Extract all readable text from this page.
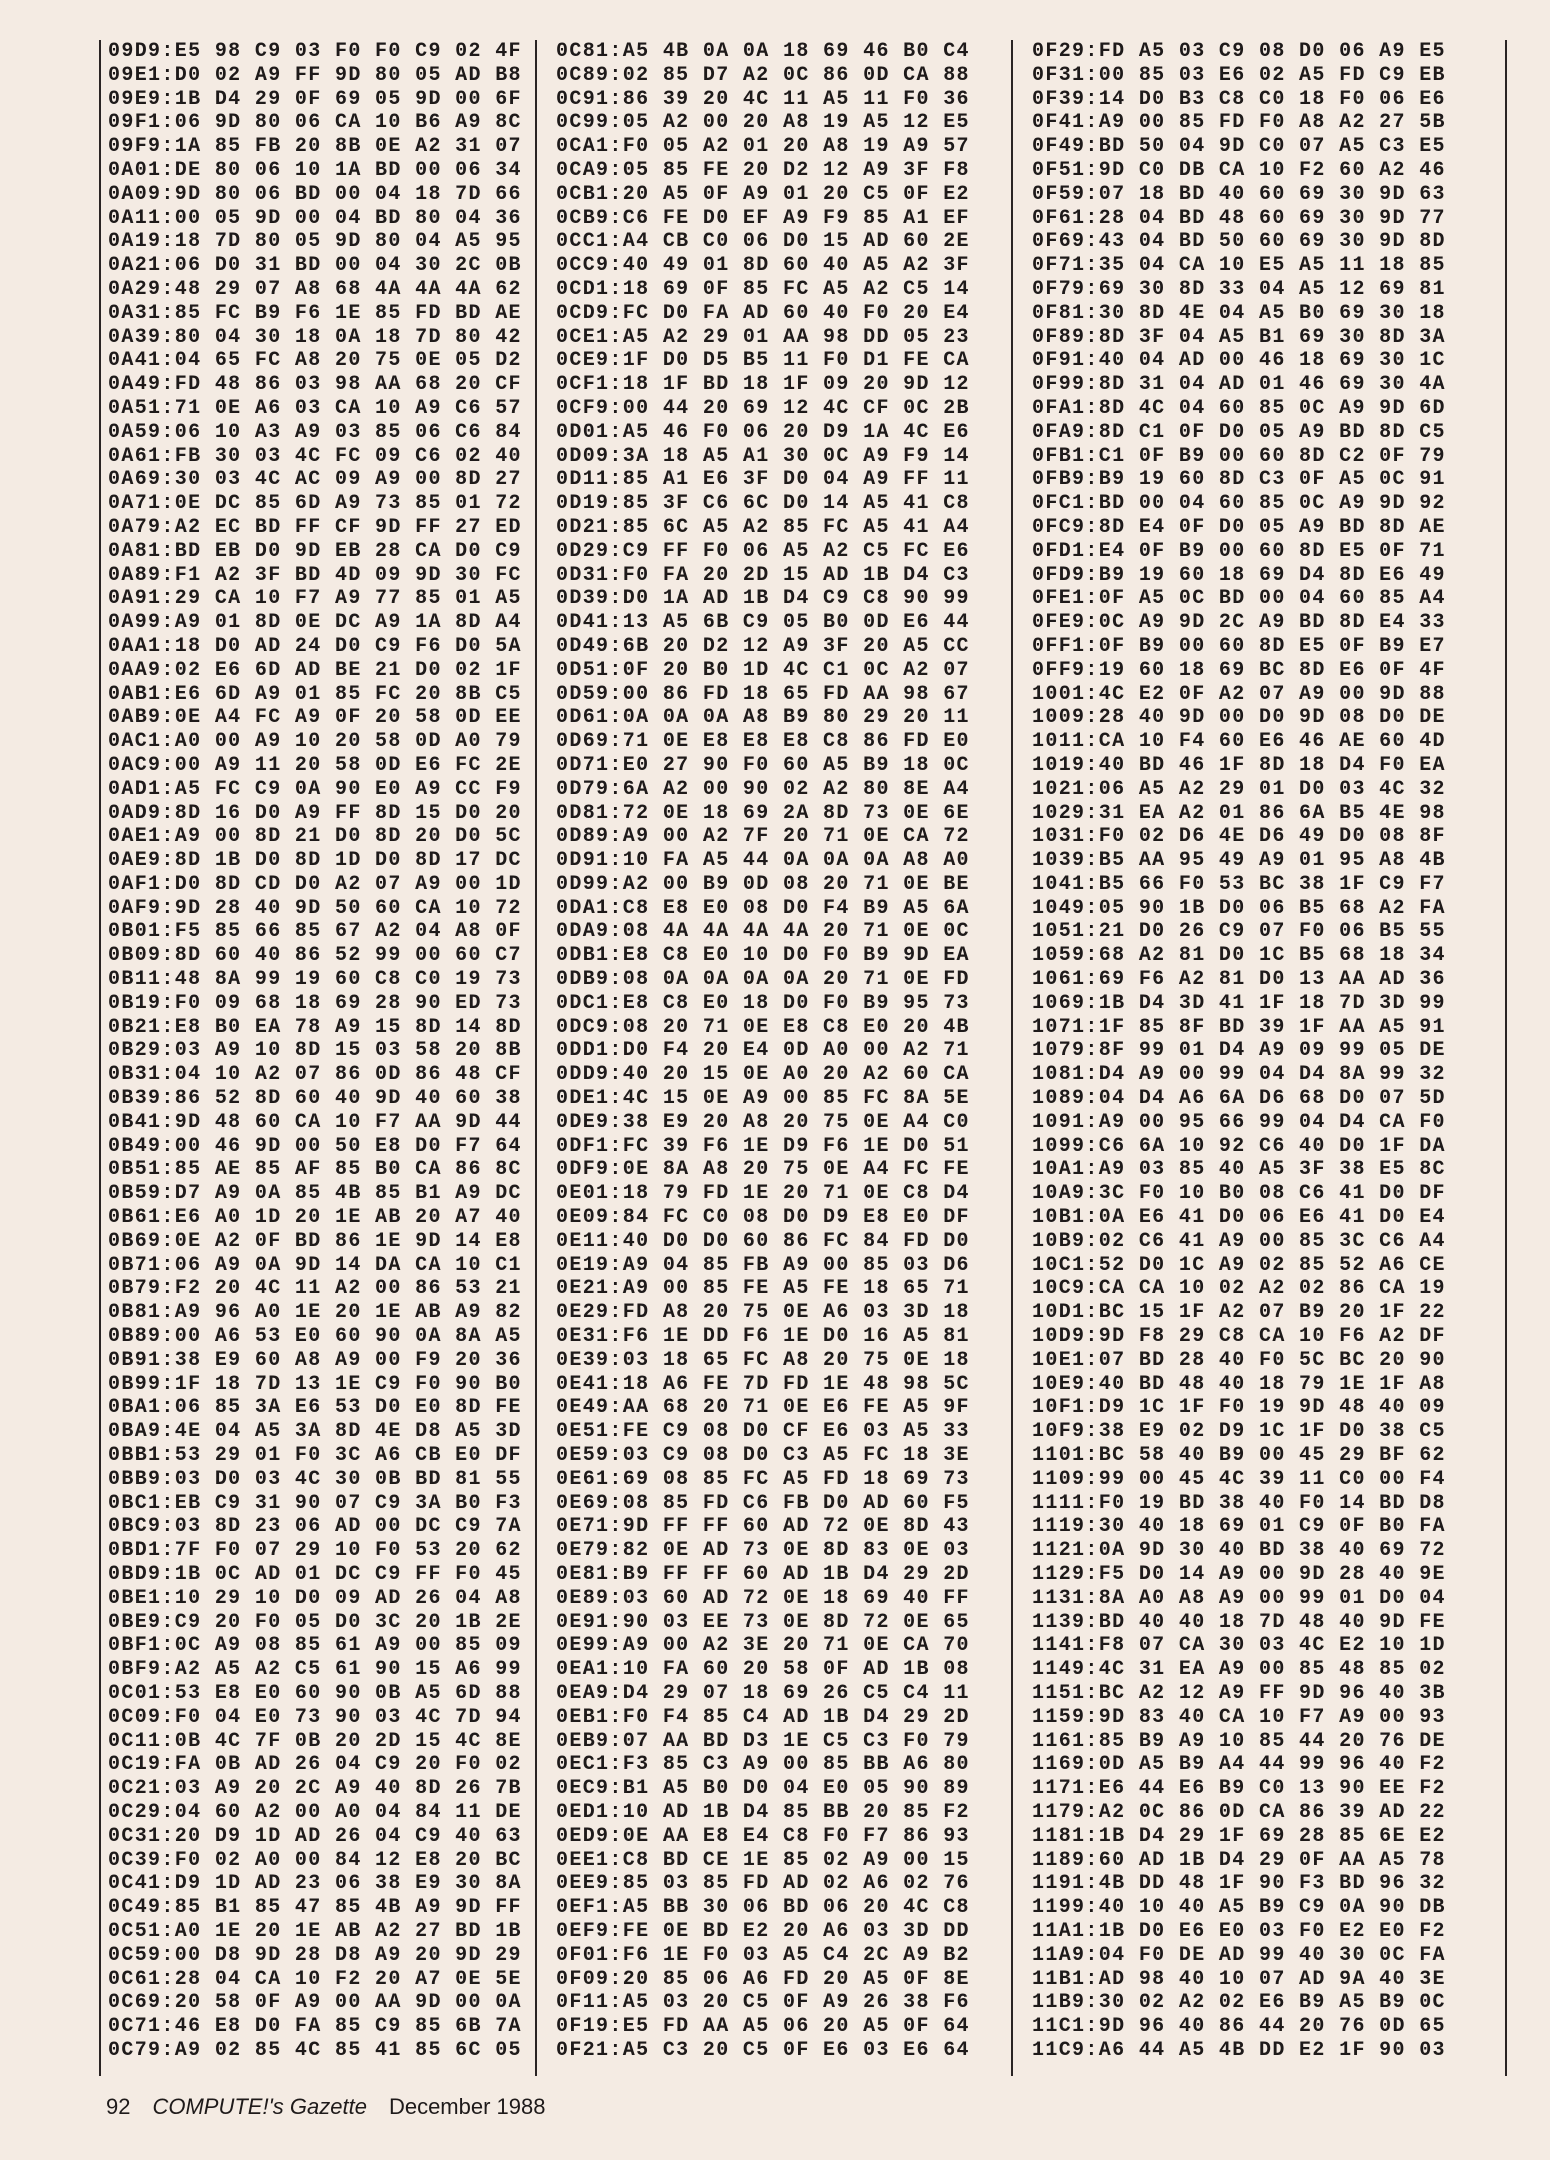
09D9:E5 98 C9 03 F0 F0 C9 02 4F
09E1:D0 02 A9 FF 9D 80 05 AD B8
09E9:1B D4 29 0F 69 05 9D 00 6F
09F1:06 9D 80 06 CA 10 B6 A9 8C
09F9:1A 85 FB 20 8B 0E A2 31 07
0A01:DE 80 06 10 1A BD 00 06 34
0A09:9D 80 06 BD 00 04 18 7D 66
0A11:00 05 9D 00 04 BD 80 04 36
0A19:18 7D 80 05 9D 80 04 A5 95
0A21:06 D0 31 BD 00 04 30 2C 0B
0A29:48 29 07 A8 68 4A 4A 4A 62
0A31:85 FC B9 F6 1E 85 FD BD AE
0A39:80 04 30 18 0A 18 7D 80 42
0A41:04 65 FC A8 20 75 0E 05 D2
0A49:FD 48 86 03 98 AA 68 20 CF
0A51:71 0E A6 03 CA 10 A9 C6 57
0A59:06 10 A3 A9 03 85 06 C6 84
0A61:FB 30 03 4C FC 09 C6 02 40
0A69:30 03 4C AC 09 A9 00 8D 27
0A71:0E DC 85 6D A9 73 85 01 72
0A79:A2 EC BD FF CF 9D FF 27 ED
0A81:BD EB D0 9D EB 28 CA D0 C9
0A89:F1 A2 3F BD 4D 09 9D 30 FC
0A91:29 CA 10 F7 A9 77 85 01 A5
0A99:A9 01 8D 0E DC A9 1A 8D A4
0AA1:18 D0 AD 24 D0 C9 F6 D0 5A
0AA9:02 E6 6D AD BE 21 D0 02 1F
0AB1:E6 6D A9 01 85 FC 20 8B C5
0AB9:0E A4 FC A9 0F 20 58 0D EE
0AC1:A0 00 A9 10 20 58 0D A0 79
0AC9:00 A9 11 20 58 0D E6 FC 2E
0AD1:A5 FC C9 0A 90 E0 A9 CC F9
0AD9:8D 16 D0 A9 FF 8D 15 D0 20
0AE1:A9 00 8D 21 D0 8D 20 D0 5C
0AE9:8D 1B D0 8D 1D D0 8D 17 DC
0AF1:D0 8D CD D0 A2 07 A9 00 1D
0AF9:9D 28 40 9D 50 60 CA 10 72
0B01:F5 85 66 85 67 A2 04 A8 0F
0B09:8D 60 40 86 52 99 00 60 C7
0B11:48 8A 99 19 60 C8 C0 19 73
0B19:F0 09 68 18 69 28 90 ED 73
0B21:E8 B0 EA 78 A9 15 8D 14 8D
0B29:03 A9 10 8D 15 03 58 20 8B
0B31:04 10 A2 07 86 0D 86 48 CF
0B39:86 52 8D 60 40 9D 40 60 38
0B41:9D 48 60 CA 10 F7 AA 9D 44
0B49:00 46 9D 00 50 E8 D0 F7 64
0B51:85 AE 85 AF 85 B0 CA 86 8C
0B59:D7 A9 0A 85 4B 85 B1 A9 DC
0B61:E6 A0 1D 20 1E AB 20 A7 40
0B69:0E A2 0F BD 86 1E 9D 14 E8
0B71:06 A9 0A 9D 14 DA CA 10 C1
0B79:F2 20 4C 11 A2 00 86 53 21
0B81:A9 96 A0 1E 20 1E AB A9 82
0B89:00 A6 53 E0 60 90 0A 8A A5
0B91:38 E9 60 A8 A9 00 F9 20 36
0B99:1F 18 7D 13 1E C9 F0 90 B0
0BA1:06 85 3A E6 53 D0 E0 8D FE
0BA9:4E 04 A5 3A 8D 4E D8 A5 3D
0BB1:53 29 01 F0 3C A6 CB E0 DF
0BB9:03 D0 03 4C 30 0B BD 81 55
0BC1:EB C9 31 90 07 C9 3A B0 F3
0BC9:03 8D 23 06 AD 00 DC C9 7A
0BD1:7F F0 07 29 10 F0 53 20 62
0BD9:1B 0C AD 01 DC C9 FF F0 45
0BE1:10 29 10 D0 09 AD 26 04 A8
0BE9:C9 20 F0 05 D0 3C 20 1B 2E
0BF1:0C A9 08 85 61 A9 00 85 09
0BF9:A2 A5 A2 C5 61 90 15 A6 99
0C01:53 E8 E0 60 90 0B A5 6D 88
0C09:F0 04 E0 73 90 03 4C 7D 94
0C11:0B 4C 7F 0B 20 2D 15 4C 8E
0C19:FA 0B AD 26 04 C9 20 F0 02
0C21:03 A9 20 2C A9 40 8D 26 7B
0C29:04 60 A2 00 A0 04 84 11 DE
0C31:20 D9 1D AD 26 04 C9 40 63
0C39:F0 02 A0 00 84 12 E8 20 BC
0C41:D9 1D AD 23 06 38 E9 30 8A
0C49:85 B1 85 47 85 4B A9 9D FF
0C51:A0 1E 20 1E AB A2 27 BD 1B
0C59:00 D8 9D 28 D8 A9 20 9D 29
0C61:28 04 CA 10 F2 20 A7 0E 5E
0C69:20 58 0F A9 00 AA 9D 00 0A
0C71:46 E8 D0 FA 85 C9 85 6B 7A
0C79:A9 02 85 4C 85 41 85 6C 05
0C81:A5 4B 0A 0A 18 69 46 B0 C4
0C89:02 85 D7 A2 0C 86 0D CA 88
0C91:86 39 20 4C 11 A5 11 F0 36
0C99:05 A2 00 20 A8 19 A5 12 E5
0CA1:F0 05 A2 01 20 A8 19 A9 57
0CA9:05 85 FE 20 D2 12 A9 3F F8
0CB1:20 A5 0F A9 01 20 C5 0F E2
0CB9:C6 FE D0 EF A9 F9 85 A1 EF
0CC1:A4 CB C0 06 D0 15 AD 60 2E
0CC9:40 49 01 8D 60 40 A5 A2 3F
0CD1:18 69 0F 85 FC A5 A2 C5 14
0CD9:FC D0 FA AD 60 40 F0 20 E4
0CE1:A5 A2 29 01 AA 98 DD 05 23
0CE9:1F D0 D5 B5 11 F0 D1 FE CA
0CF1:18 1F BD 18 1F 09 20 9D 12
0CF9:00 44 20 69 12 4C CF 0C 2B
0D01:A5 46 F0 06 20 D9 1A 4C E6
0D09:3A 18 A5 A1 30 0C A9 F9 14
0D11:85 A1 E6 3F D0 04 A9 FF 11
0D19:85 3F C6 6C D0 14 A5 41 C8
0D21:85 6C A5 A2 85 FC A5 41 A4
0D29:C9 FF F0 06 A5 A2 C5 FC E6
0D31:F0 FA 20 2D 15 AD 1B D4 C3
0D39:D0 1A AD 1B D4 C9 C8 90 99
0D41:13 A5 6B C9 05 B0 0D E6 44
0D49:6B 20 D2 12 A9 3F 20 A5 CC
0D51:0F 20 B0 1D 4C C1 0C A2 07
0D59:00 86 FD 18 65 FD AA 98 67
0D61:0A 0A 0A A8 B9 80 29 20 11
0D69:71 0E E8 E8 E8 C8 86 FD E0
0D71:E0 27 90 F0 60 A5 B9 18 0C
0D79:6A A2 00 90 02 A2 80 8E A4
0D81:72 0E 18 69 2A 8D 73 0E 6E
0D89:A9 00 A2 7F 20 71 0E CA 72
0D91:10 FA A5 44 0A 0A 0A A8 A0
0D99:A2 00 B9 0D 08 20 71 0E BE
0DA1:C8 E8 E0 08 D0 F4 B9 A5 6A
0DA9:08 4A 4A 4A 4A 20 71 0E 0C
0DB1:E8 C8 E0 10 D0 F0 B9 9D EA
0DB9:08 0A 0A 0A 0A 20 71 0E FD
0DC1:E8 C8 E0 18 D0 F0 B9 95 73
0DC9:08 20 71 0E E8 C8 E0 20 4B
0DD1:D0 F4 20 E4 0D A0 00 A2 71
0DD9:40 20 15 0E A0 20 A2 60 CA
0DE1:4C 15 0E A9 00 85 FC 8A 5E
0DE9:38 E9 20 A8 20 75 0E A4 C0
0DF1:FC 39 F6 1E D9 F6 1E D0 51
0DF9:0E 8A A8 20 75 0E A4 FC FE
0E01:18 79 FD 1E 20 71 0E C8 D4
0E09:84 FC C0 08 D0 D9 E8 E0 DF
0E11:40 D0 D0 60 86 FC 84 FD D0
0E19:A9 04 85 FB A9 00 85 03 D6
0E21:A9 00 85 FE A5 FE 18 65 71
0E29:FD A8 20 75 0E A6 03 3D 18
0E31:F6 1E DD F6 1E D0 16 A5 81
0E39:03 18 65 FC A8 20 75 0E 18
0E41:18 A6 FE 7D FD 1E 48 98 5C
0E49:AA 68 20 71 0E E6 FE A5 9F
0E51:FE C9 08 D0 CF E6 03 A5 33
0E59:03 C9 08 D0 C3 A5 FC 18 3E
0E61:69 08 85 FC A5 FD 18 69 73
0E69:08 85 FD C6 FB D0 AD 60 F5
0E71:9D FF FF 60 AD 72 0E 8D 43
0E79:82 0E AD 73 0E 8D 83 0E 03
0E81:B9 FF FF 60 AD 1B D4 29 2D
0E89:03 60 AD 72 0E 18 69 40 FF
0E91:90 03 EE 73 0E 8D 72 0E 65
0E99:A9 00 A2 3E 20 71 0E CA 70
0EA1:10 FA 60 20 58 0F AD 1B 08
0EA9:D4 29 07 18 69 26 C5 C4 11
0EB1:F0 F4 85 C4 AD 1B D4 29 2D
0EB9:07 AA BD D3 1E C5 C3 F0 79
0EC1:F3 85 C3 A9 00 85 BB A6 80
0EC9:B1 A5 B0 D0 04 E0 05 90 89
0ED1:10 AD 1B D4 85 BB 20 85 F2
0ED9:0E AA E8 E4 C8 F0 F7 86 93
0EE1:C8 BD CE 1E 85 02 A9 00 15
0EE9:85 03 85 FD AD 02 A6 02 76
0EF1:A5 BB 30 06 BD 06 20 4C C8
0EF9:FE 0E BD E2 20 A6 03 3D DD
0F01:F6 1E F0 03 A5 C4 2C A9 B2
0F09:20 85 06 A6 FD 20 A5 0F 8E
0F11:A5 03 20 C5 0F A9 26 38 F6
0F19:E5 FD AA A5 06 20 A5 0F 64
0F21:A5 C3 20 C5 0F E6 03 E6 64
0F29:FD A5 03 C9 08 D0 06 A9 E5
0F31:00 85 03 E6 02 A5 FD C9 EB
0F39:14 D0 B3 C8 C0 18 F0 06 E6
0F41:A9 00 85 FD F0 A8 A2 27 5B
0F49:BD 50 04 9D C0 07 A5 C3 E5
0F51:9D C0 DB CA 10 F2 60 A2 46
0F59:07 18 BD 40 60 69 30 9D 63
0F61:28 04 BD 48 60 69 30 9D 77
0F69:43 04 BD 50 60 69 30 9D 8D
0F71:35 04 CA 10 E5 A5 11 18 85
0F79:69 30 8D 33 04 A5 12 69 81
0F81:30 8D 4E 04 A5 B0 69 30 18
0F89:8D 3F 04 A5 B1 69 30 8D 3A
0F91:40 04 AD 00 46 18 69 30 1C
0F99:8D 31 04 AD 01 46 69 30 4A
0FA1:8D 4C 04 60 85 0C A9 9D 6D
0FA9:8D C1 0F D0 05 A9 BD 8D C5
0FB1:C1 0F B9 00 60 8D C2 0F 79
0FB9:B9 19 60 8D C3 0F A5 0C 91
0FC1:BD 00 04 60 85 0C A9 9D 92
0FC9:8D E4 0F D0 05 A9 BD 8D AE
0FD1:E4 0F B9 00 60 8D E5 0F 71
0FD9:B9 19 60 18 69 D4 8D E6 49
0FE1:0F A5 0C BD 00 04 60 85 A4
0FE9:0C A9 9D 2C A9 BD 8D E4 33
0FF1:0F B9 00 60 8D E5 0F B9 E7
0FF9:19 60 18 69 BC 8D E6 0F 4F
1001:4C E2 0F A2 07 A9 00 9D 88
1009:28 40 9D 00 D0 9D 08 D0 DE
1011:CA 10 F4 60 E6 46 AE 60 4D
1019:40 BD 46 1F 8D 18 D4 F0 EA
1021:06 A5 A2 29 01 D0 03 4C 32
1029:31 EA A2 01 86 6A B5 4E 98
1031:F0 02 D6 4E D6 49 D0 08 8F
1039:B5 AA 95 49 A9 01 95 A8 4B
1041:B5 66 F0 53 BC 38 1F C9 F7
1049:05 90 1B D0 06 B5 68 A2 FA
1051:21 D0 26 C9 07 F0 06 B5 55
1059:68 A2 81 D0 1C B5 68 18 34
1061:69 F6 A2 81 D0 13 AA AD 36
1069:1B D4 3D 41 1F 18 7D 3D 99
1071:1F 85 8F BD 39 1F AA A5 91
1079:8F 99 01 D4 A9 09 99 05 DE
1081:D4 A9 00 99 04 D4 8A 99 32
1089:04 D4 A6 6A D6 68 D0 07 5D
1091:A9 00 95 66 99 04 D4 CA F0
1099:C6 6A 10 92 C6 40 D0 1F DA
10A1:A9 03 85 40 A5 3F 38 E5 8C
10A9:3C F0 10 B0 08 C6 41 D0 DF
10B1:0A E6 41 D0 06 E6 41 D0 E4
10B9:02 C6 41 A9 00 85 3C C6 A4
10C1:52 D0 1C A9 02 85 52 A6 CE
10C9:CA CA 10 02 A2 02 86 CA 19
10D1:BC 15 1F A2 07 B9 20 1F 22
10D9:9D F8 29 C8 CA 10 F6 A2 DF
10E1:07 BD 28 40 F0 5C BC 20 90
10E9:40 BD 48 40 18 79 1E 1F A8
10F1:D9 1C 1F F0 19 9D 48 40 09
10F9:38 E9 02 D9 1C 1F D0 38 C5
1101:BC 58 40 B9 00 45 29 BF 62
1109:99 00 45 4C 39 11 C0 00 F4
1111:F0 19 BD 38 40 F0 14 BD D8
1119:30 40 18 69 01 C9 0F B0 FA
1121:0A 9D 30 40 BD 38 40 69 72
1129:F5 D0 14 A9 00 9D 28 40 9E
1131:8A A0 A8 A9 00 99 01 D0 04
1139:BD 40 40 18 7D 48 40 9D FE
1141:F8 07 CA 30 03 4C E2 10 1D
1149:4C 31 EA A9 00 85 48 85 02
1151:BC A2 12 A9 FF 9D 96 40 3B
1159:9D 83 40 CA 10 F7 A9 00 93
1161:85 B9 A9 10 85 44 20 76 DE
1169:0D A5 B9 A4 44 99 96 40 F2
1171:E6 44 E6 B9 C0 13 90 EE F2
1179:A2 0C 86 0D CA 86 39 AD 22
1181:1B D4 29 1F 69 28 85 6E E2
1189:60 AD 1B D4 29 0F AA A5 78
1191:4B DD 48 1F 90 F3 BD 96 32
1199:40 10 40 A5 B9 C9 0A 90 DB
11A1:1B D0 E6 E0 03 F0 E2 E0 F2
11A9:04 F0 DE AD 99 40 30 0C FA
11B1:AD 98 40 10 07 AD 9A 40 3E
11B9:30 02 A2 02 E6 B9 A5 B9 0C
11C1:9D 96 40 86 44 20 76 0D 65
11C9:A6 44 A5 4B DD E2 1F 90 03
92 COMPUTE!'s Gazette December 1988
